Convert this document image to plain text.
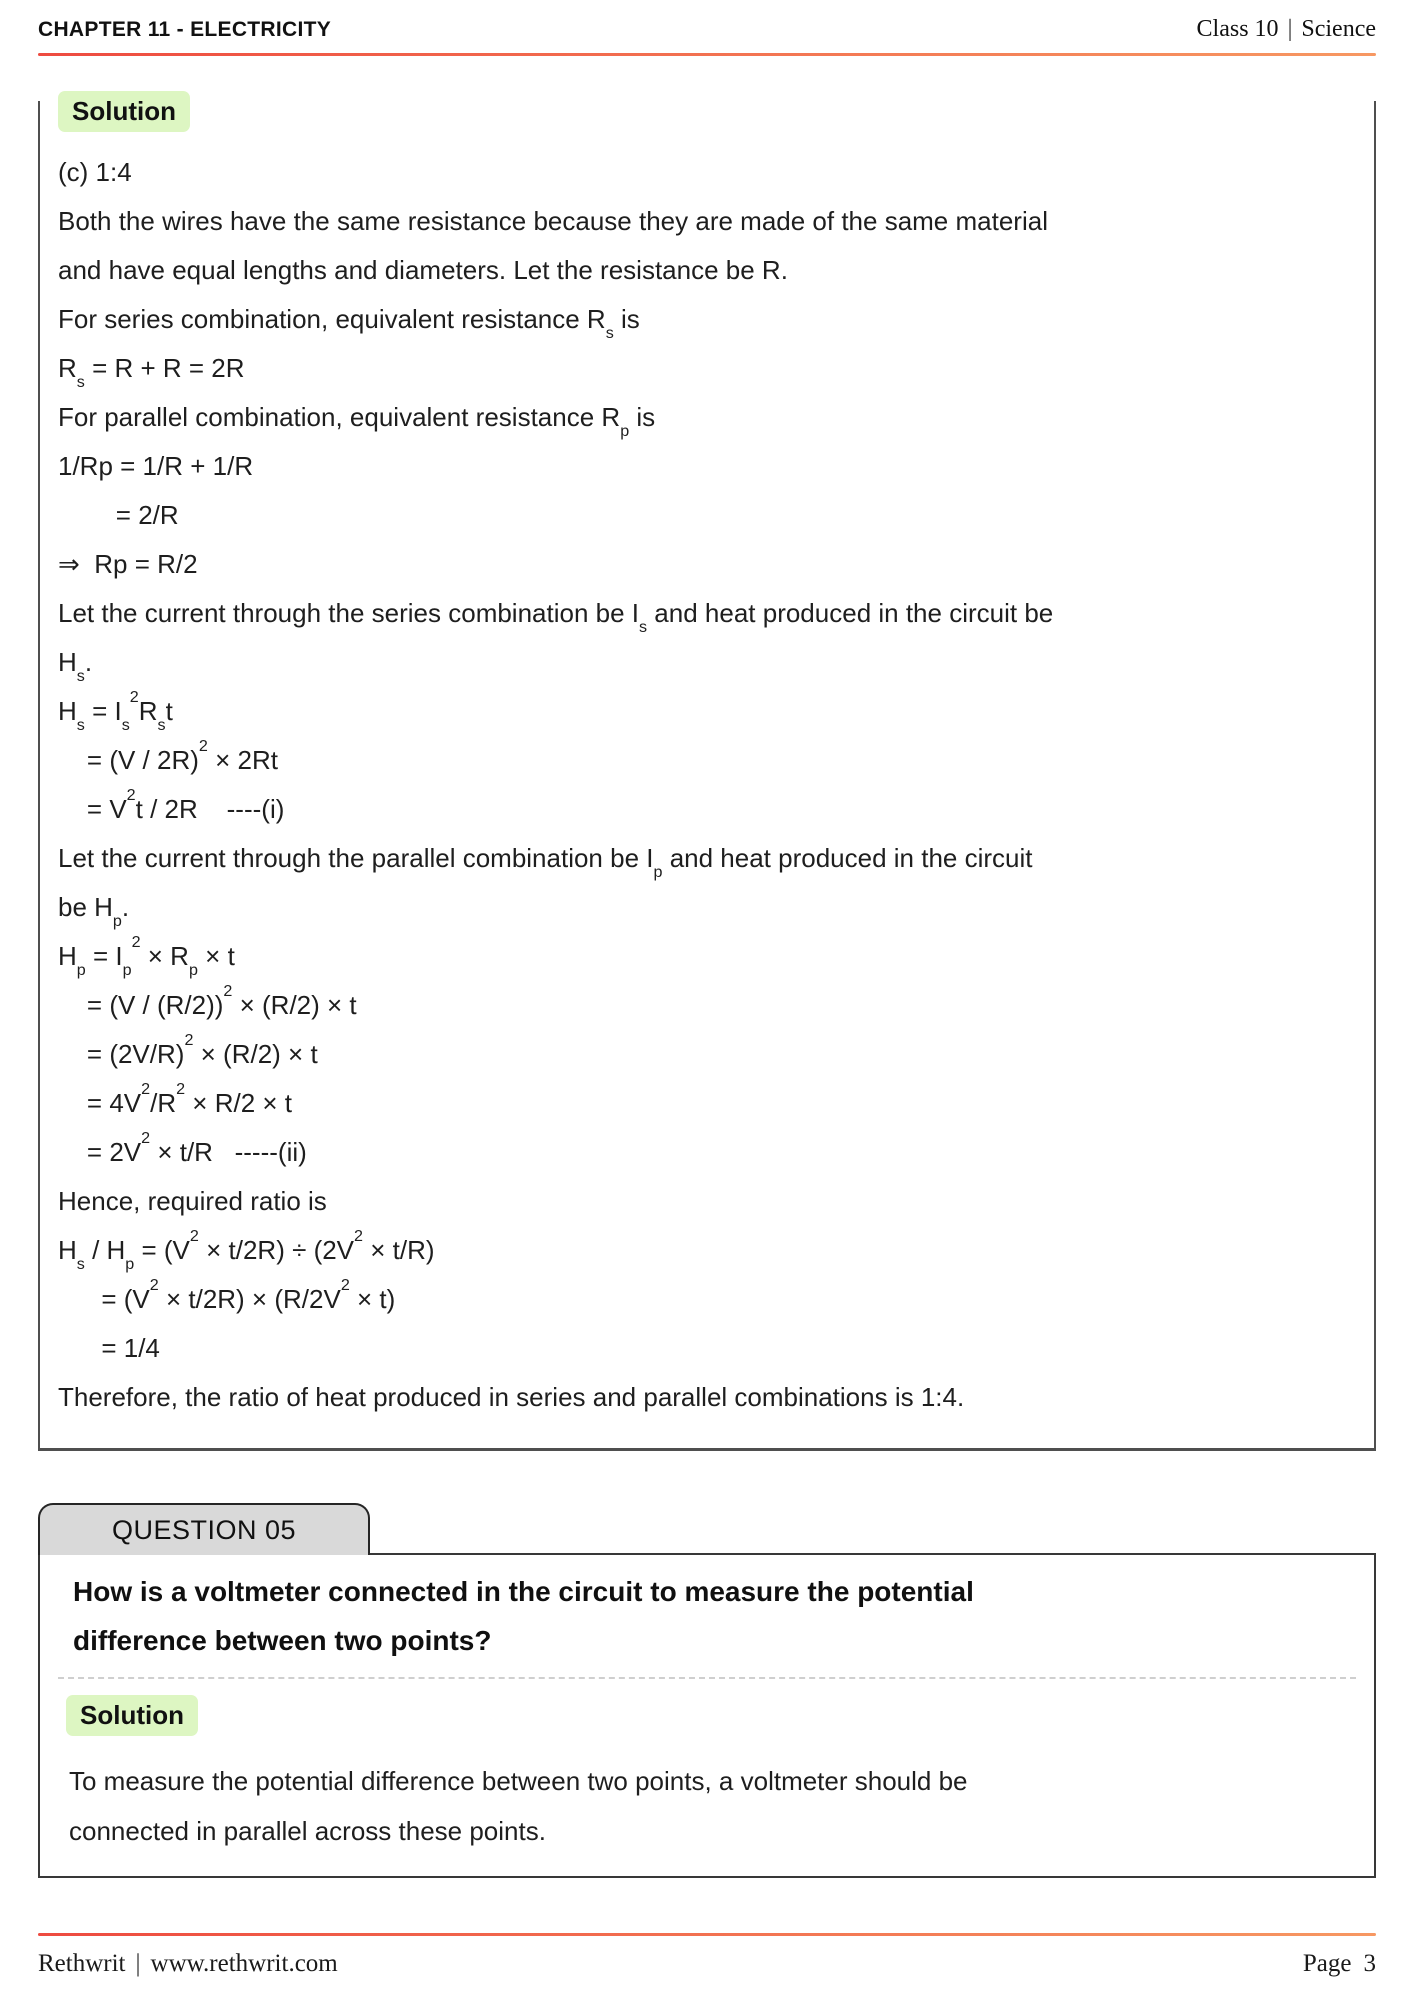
CHAPTER 11 - ELECTRICITY	Class 10 | Science
Solution
(c) 1:4
Both the wires have the same resistance because they are made of the same material
and have equal lengths and diameters. Let the resistance be R.
For series combination, equivalent resistance $R_s$ is
$R_s = R + R = 2R$
For parallel combination, equivalent resistance $R_p$ is
1/Rp = 1/R + 1/R
= 2/R
⇒  Rp = R/2
Let the current through the series combination be $I_s$ and heat produced in the circuit be
$H_s$.
$H_s = I_s^2R_st$
= (V / 2R)$^2$ × 2Rt
= $V^2t / 2R$    ----(i)
Let the current through the parallel combination be $I_p$ and heat produced in the circuit
be $H_p$.
$H_p = I_p^2 \times R_p \times t$
= (V / (R/2))$^2$ × (R/2) × t
= $(2V/R)^2 \times (R/2) \times t$
= $4V^2/R^2 \times R/2 \times t$
= $2V^2 \times t/R$   -----(ii)
Hence, required ratio is
$H_s / H_p = (V^2 \times t/2R) \div (2V^2 \times t/R)$
= $(V^2 \times t/2R) \times (R/2V^2 \times t)$
= 1/4
Therefore, the ratio of heat produced in series and parallel combinations is 1:4.
QUESTION 05
How is a voltmeter connected in the circuit to measure the potential
difference between two points?
Solution
To measure the potential difference between two points, a voltmeter should be
connected in parallel across these points.
Rethwrit | www.rethwrit.com	Page 3
